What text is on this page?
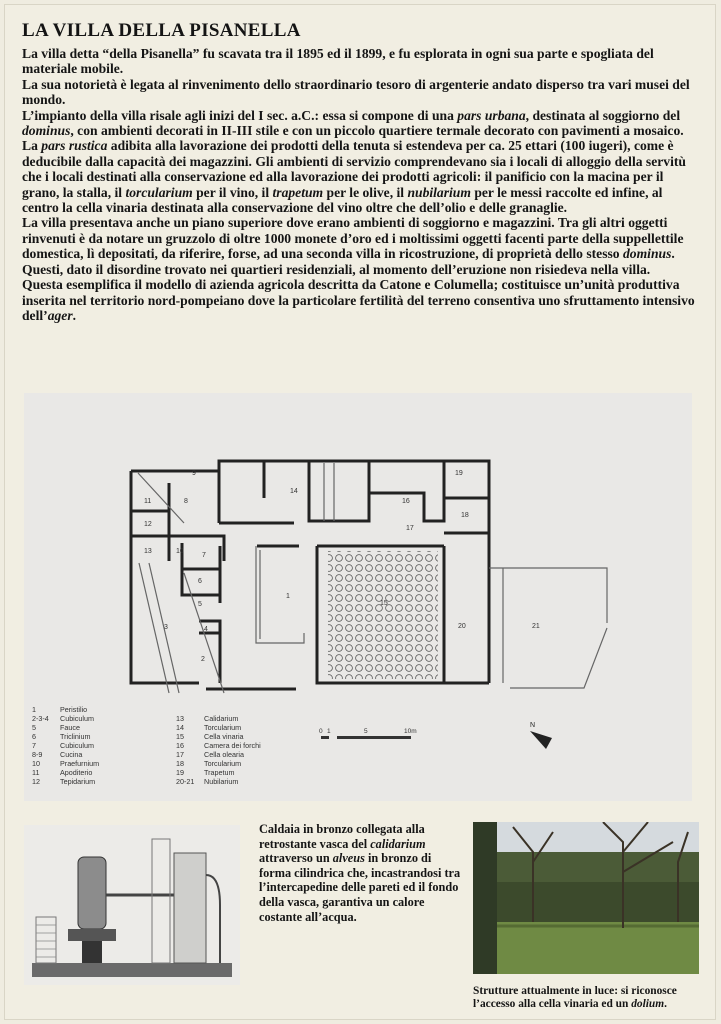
LA VILLA DELLA PISANELLA

La villa detta “della Pisanella” fu scavata tra il 1895 ed il 1899, e fu esplorata in ogni sua parte e spogliata del materiale mobile.

La sua notorietà è legata al rinvenimento dello straordinario tesoro di argenterie andato disperso tra vari musei del mondo.

L’impianto della villa risale agli inizi del I sec. a.C.: essa si compone di una pars urbana, destinata al soggiorno del dominus, con ambienti decorati in II-III stile e con un piccolo quartiere termale decorato con pavimenti a mosaico. La pars rustica adibita alla lavorazione dei prodotti della tenuta si estendeva per ca. 25 ettari (100 iugeri), come è deducibile dalla capacità dei magazzini. Gli ambienti di servizio comprendevano sia i locali di alloggio della servitù che i locali destinati alla conservazione ed alla lavorazione dei prodotti agricoli: il panificio con la macina per il grano, la stalla, il torcularium per il vino, il trapetum per le olive, il nubilarium per le messi raccolte ed infine, al centro la cella vinaria destinata alla conservazione del vino oltre che dell’olio e delle granaglie.

La villa presentava anche un piano superiore dove erano ambienti di soggiorno e magazzini. Tra gli altri oggetti rinvenuti è da notare un gruzzolo di oltre 1000 monete d’oro ed i moltissimi oggetti facenti parte della suppellettile domestica, lì depositati, da riferire, forse, ad una seconda villa in ricostruzione, di proprietà dello stesso dominus. Questi, dato il disordine trovato nei quartieri residenziali, al momento dell’eruzione non risiedeva nella villa.

Questa esemplifica il modello di azienda agricola descritta da Catone e Columella; costituisce un’unità produttiva inserita nel territorio nord-pompeiano dove la particolare fertilità del terreno consentiva uno sfruttamento intensivo dell’ager.

9
14
19
11	8	16
12
18
17
13	10
7
6
1
15
5
20	21
3	4
2
1	Peristilio
2-3-4 Cubiculum
5	Fauce
6	Triclinium
7	Cubiculum
8-9 Cucina
10	Praefurnium
11	Apoditerio
12	Tepidarium
13	Calidarium
14	Torcularium
15	Cella vinaria
16	Camera dei forchi
17	Cella olearia
18	Torcularium
19	Trapetum
20-21 Nubilarium
0 1	5	10m
N
Caldaia in bronzo collegata alla retrostante vasca del calidarium attraverso un alveus in bronzo di forma cilindrica che, incastrandosi tra l’intercapedine delle pareti ed il fondo della vasca, garantiva un calore costante all’acqua.
Strutture attualmente in luce: si riconosce l’accesso alla cella vinaria ed un dolium.
